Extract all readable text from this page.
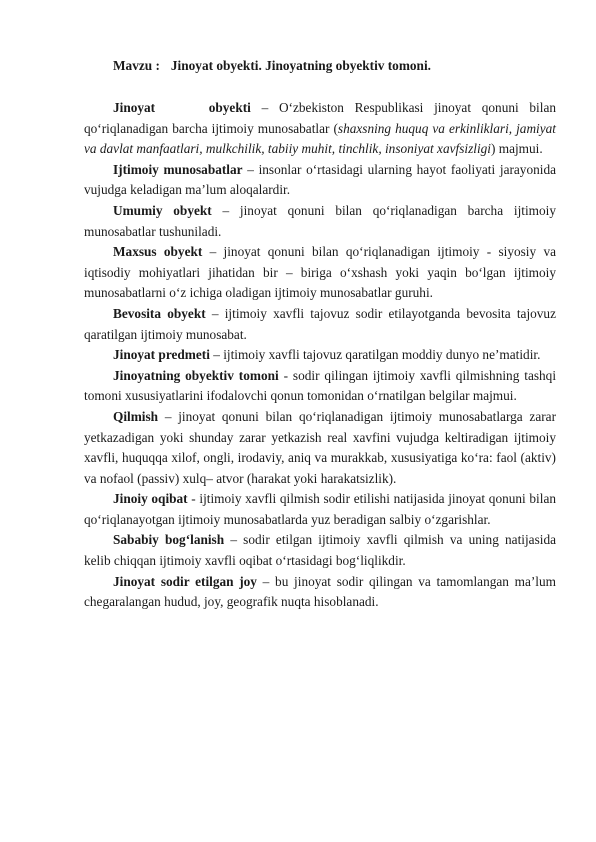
Mavzu : Jinoyat obyekti. Jinoyatning obyektiv tomoni.

Jinoyat     obyekti – O‘zbekiston Respublikasi jinoyat qonuni bilan qo‘riqlanadigan barcha ijtimoiy munosabatlar (shaxsning huquq va erkinliklari, jamiyat va davlat manfaatlari, mulkchilik, tabiiy muhit, tinchlik, insoniyat xavfsizligi) majmui.

Ijtimoiy munosabatlar – insonlar o‘rtasidagi ularning hayot faoliyati jarayonida vujudga keladigan ma’lum aloqalardir.

Umumiy obyekt – jinoyat qonuni bilan qo‘riqlanadigan barcha ijtimoiy munosabatlar tushuniladi.

Maxsus obyekt – jinoyat qonuni bilan qo‘riqlanadigan ijtimoiy - siyosiy va iqtisodiy mohiyatlari jihatidan bir – biriga o‘xshash yoki yaqin bo‘lgan ijtimoiy munosabatlarni o‘z ichiga oladigan ijtimoiy munosabatlar guruhi.

Bevosita obyekt – ijtimoiy xavfli tajovuz sodir etilayotganda bevosita tajovuz qaratilgan ijtimoiy munosabat.

Jinoyat predmeti – ijtimoiy xavfli tajovuz qaratilgan moddiy dunyo ne’matidir.

Jinoyatning obyektiv tomoni - sodir qilingan ijtimoiy xavfli qilmishning tashqi tomoni xususiyatlarini ifodalovchi qonun tomonidan o‘rnatilgan belgilar majmui.

Qilmish – jinoyat qonuni bilan qo‘riqlanadigan ijtimoiy munosabatlarga zarar yetkazadigan yoki shunday zarar yetkazish real xavfini vujudga keltiradigan ijtimoiy xavfli, huquqqa xilof, ongli, irodaviy, aniq va murakkab, xususiyatiga ko‘ra: faol (aktiv) va nofaol (passiv) xulq– atvor (harakat yoki harakatsizlik).

Jinoiy oqibat - ijtimoiy xavfli qilmish sodir etilishi natijasida jinoyat qonuni bilan qo‘riqlanayotgan ijtimoiy munosabatlarda yuz beradigan salbiy o‘zgarishlar.

Sababiy bog‘lanish – sodir etilgan ijtimoiy xavfli qilmish va uning natijasida kelib chiqqan ijtimoiy xavfli oqibat o‘rtasidagi bog‘liqlikdir.

Jinoyat sodir etilgan joy – bu jinoyat sodir qilingan va tamomlangan ma’lum chegaralangan hudud, joy, geografik nuqta hisoblanadi.
